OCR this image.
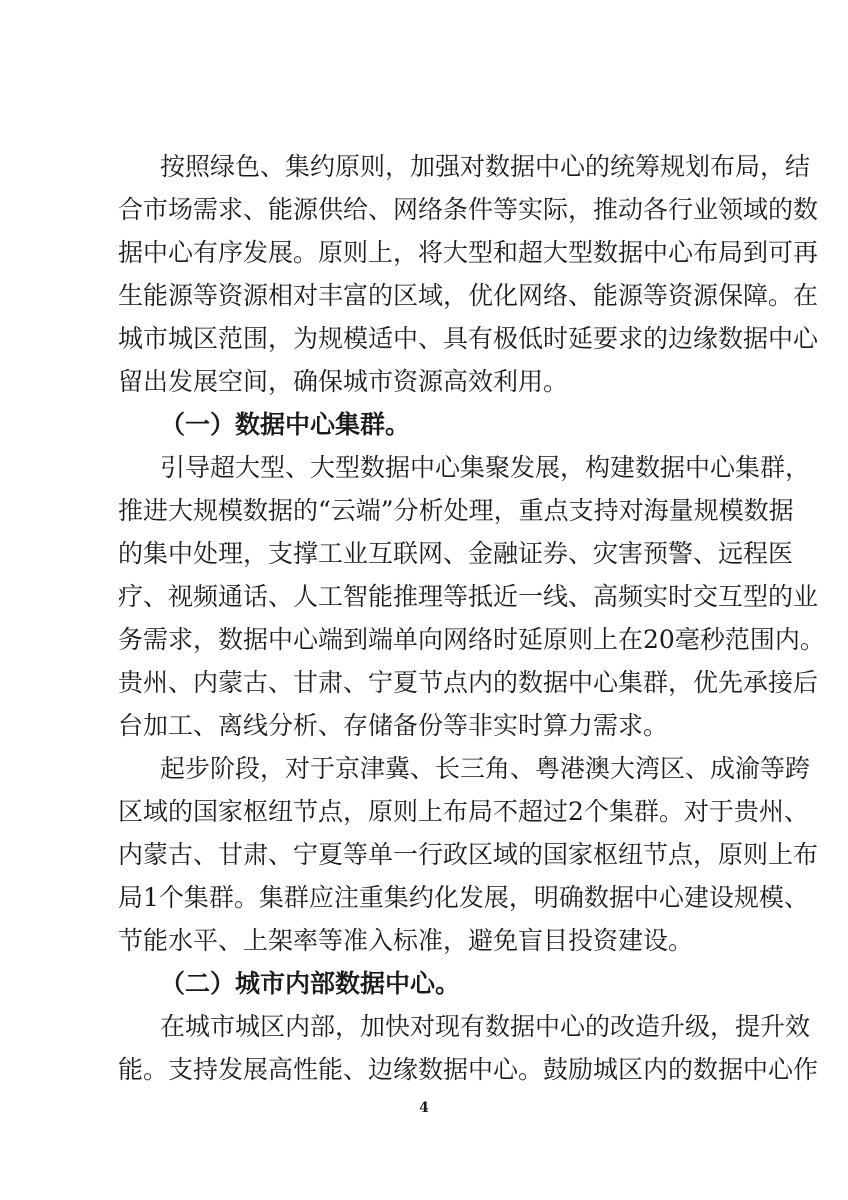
按照绿色、集约原则，加强对数据中心的统筹规划布局，结
合市场需求、能源供给、网络条件等实际，推动各行业领域的数
据中心有序发展。原则上，将大型和超大型数据中心布局到可再
生能源等资源相对丰富的区域，优化网络、能源等资源保障。在
城市城区范围，为规模适中、具有极低时延要求的边缘数据中心
留出发展空间，确保城市资源高效利用。
（一）数据中心集群。
引导超大型、大型数据中心集聚发展，构建数据中心集群，
推进大规模数据的“云端”分析处理，重点支持对海量规模数据
的集中处理，支撑工业互联网、金融证券、灾害预警、远程医
疗、视频通话、人工智能推理等抵近一线、高频实时交互型的业
务需求，数据中心端到端单向网络时延原则上在20毫秒范围内。
贵州、内蒙古、甘肃、宁夏节点内的数据中心集群，优先承接后
台加工、离线分析、存储备份等非实时算力需求。
起步阶段，对于京津冀、长三角、粤港澳大湾区、成渝等跨
区域的国家枢纽节点，原则上布局不超过2个集群。对于贵州、
内蒙古、甘肃、宁夏等单一行政区域的国家枢纽节点，原则上布
局1个集群。集群应注重集约化发展，明确数据中心建设规模、
节能水平、上架率等准入标准，避免盲目投资建设。
（二）城市内部数据中心。
在城市城区内部，加快对现有数据中心的改造升级，提升效
能。支持发展高性能、边缘数据中心。鼓励城区内的数据中心作
4
